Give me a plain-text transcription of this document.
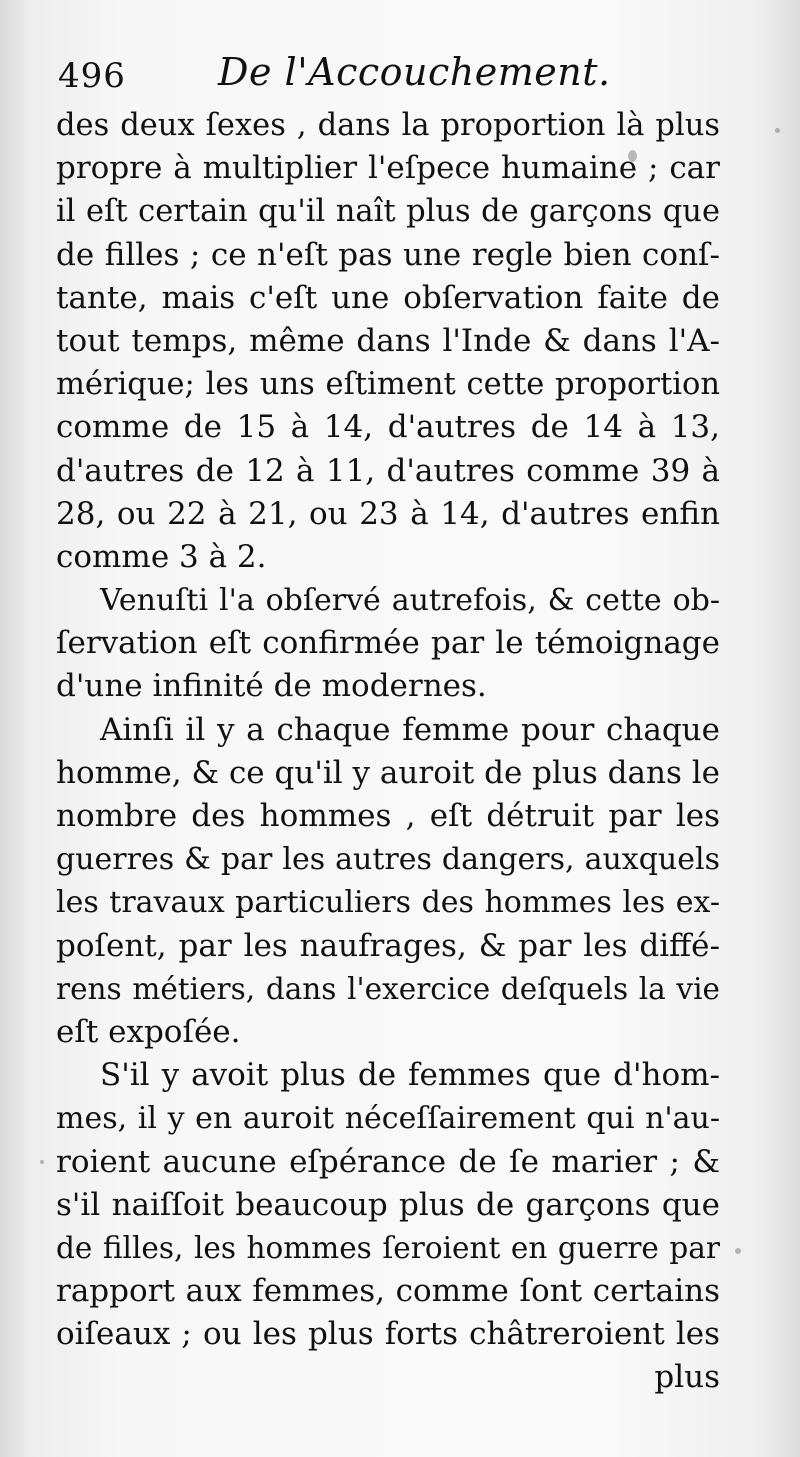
496 De l'Accouchement.
des deux ſexes , dans la proportion là plus
propre à multiplier l'eſpece humaine ; car
il eſt certain qu'il naît plus de garçons que
de filles ; ce n'eſt pas une regle bien conſ-
tante, mais c'eſt une obſervation faite de
tout temps, même dans l'Inde & dans l'A-
mérique; les uns eſtiment cette proportion
comme de 15 à 14, d'autres de 14 à 13,
d'autres de 12 à 11, d'autres comme 39 à
28, ou 22 à 21, ou 23 à 14, d'autres enfin
comme 3 à 2.
Venuſti l'a obſervé autrefois, & cette ob-
ſervation eſt confirmée par le témoignage
d'une infinité de modernes.
Ainſi il y a chaque femme pour chaque
homme, & ce qu'il y auroit de plus dans le
nombre des hommes , eſt détruit par les
guerres & par les autres dangers, auxquels
les travaux particuliers des hommes les ex-
poſent, par les naufrages, & par les diffé-
rens métiers, dans l'exercice deſquels la vie
eſt expoſée.
S'il y avoit plus de femmes que d'hom-
mes, il y en auroit néceſſairement qui n'au-
roient aucune eſpérance de ſe marier ; &
s'il naiſſoit beaucoup plus de garçons que
de filles, les hommes ſeroient en guerre par
rapport aux femmes, comme ſont certains
oiſeaux ; ou les plus forts châtreroient les
plus
